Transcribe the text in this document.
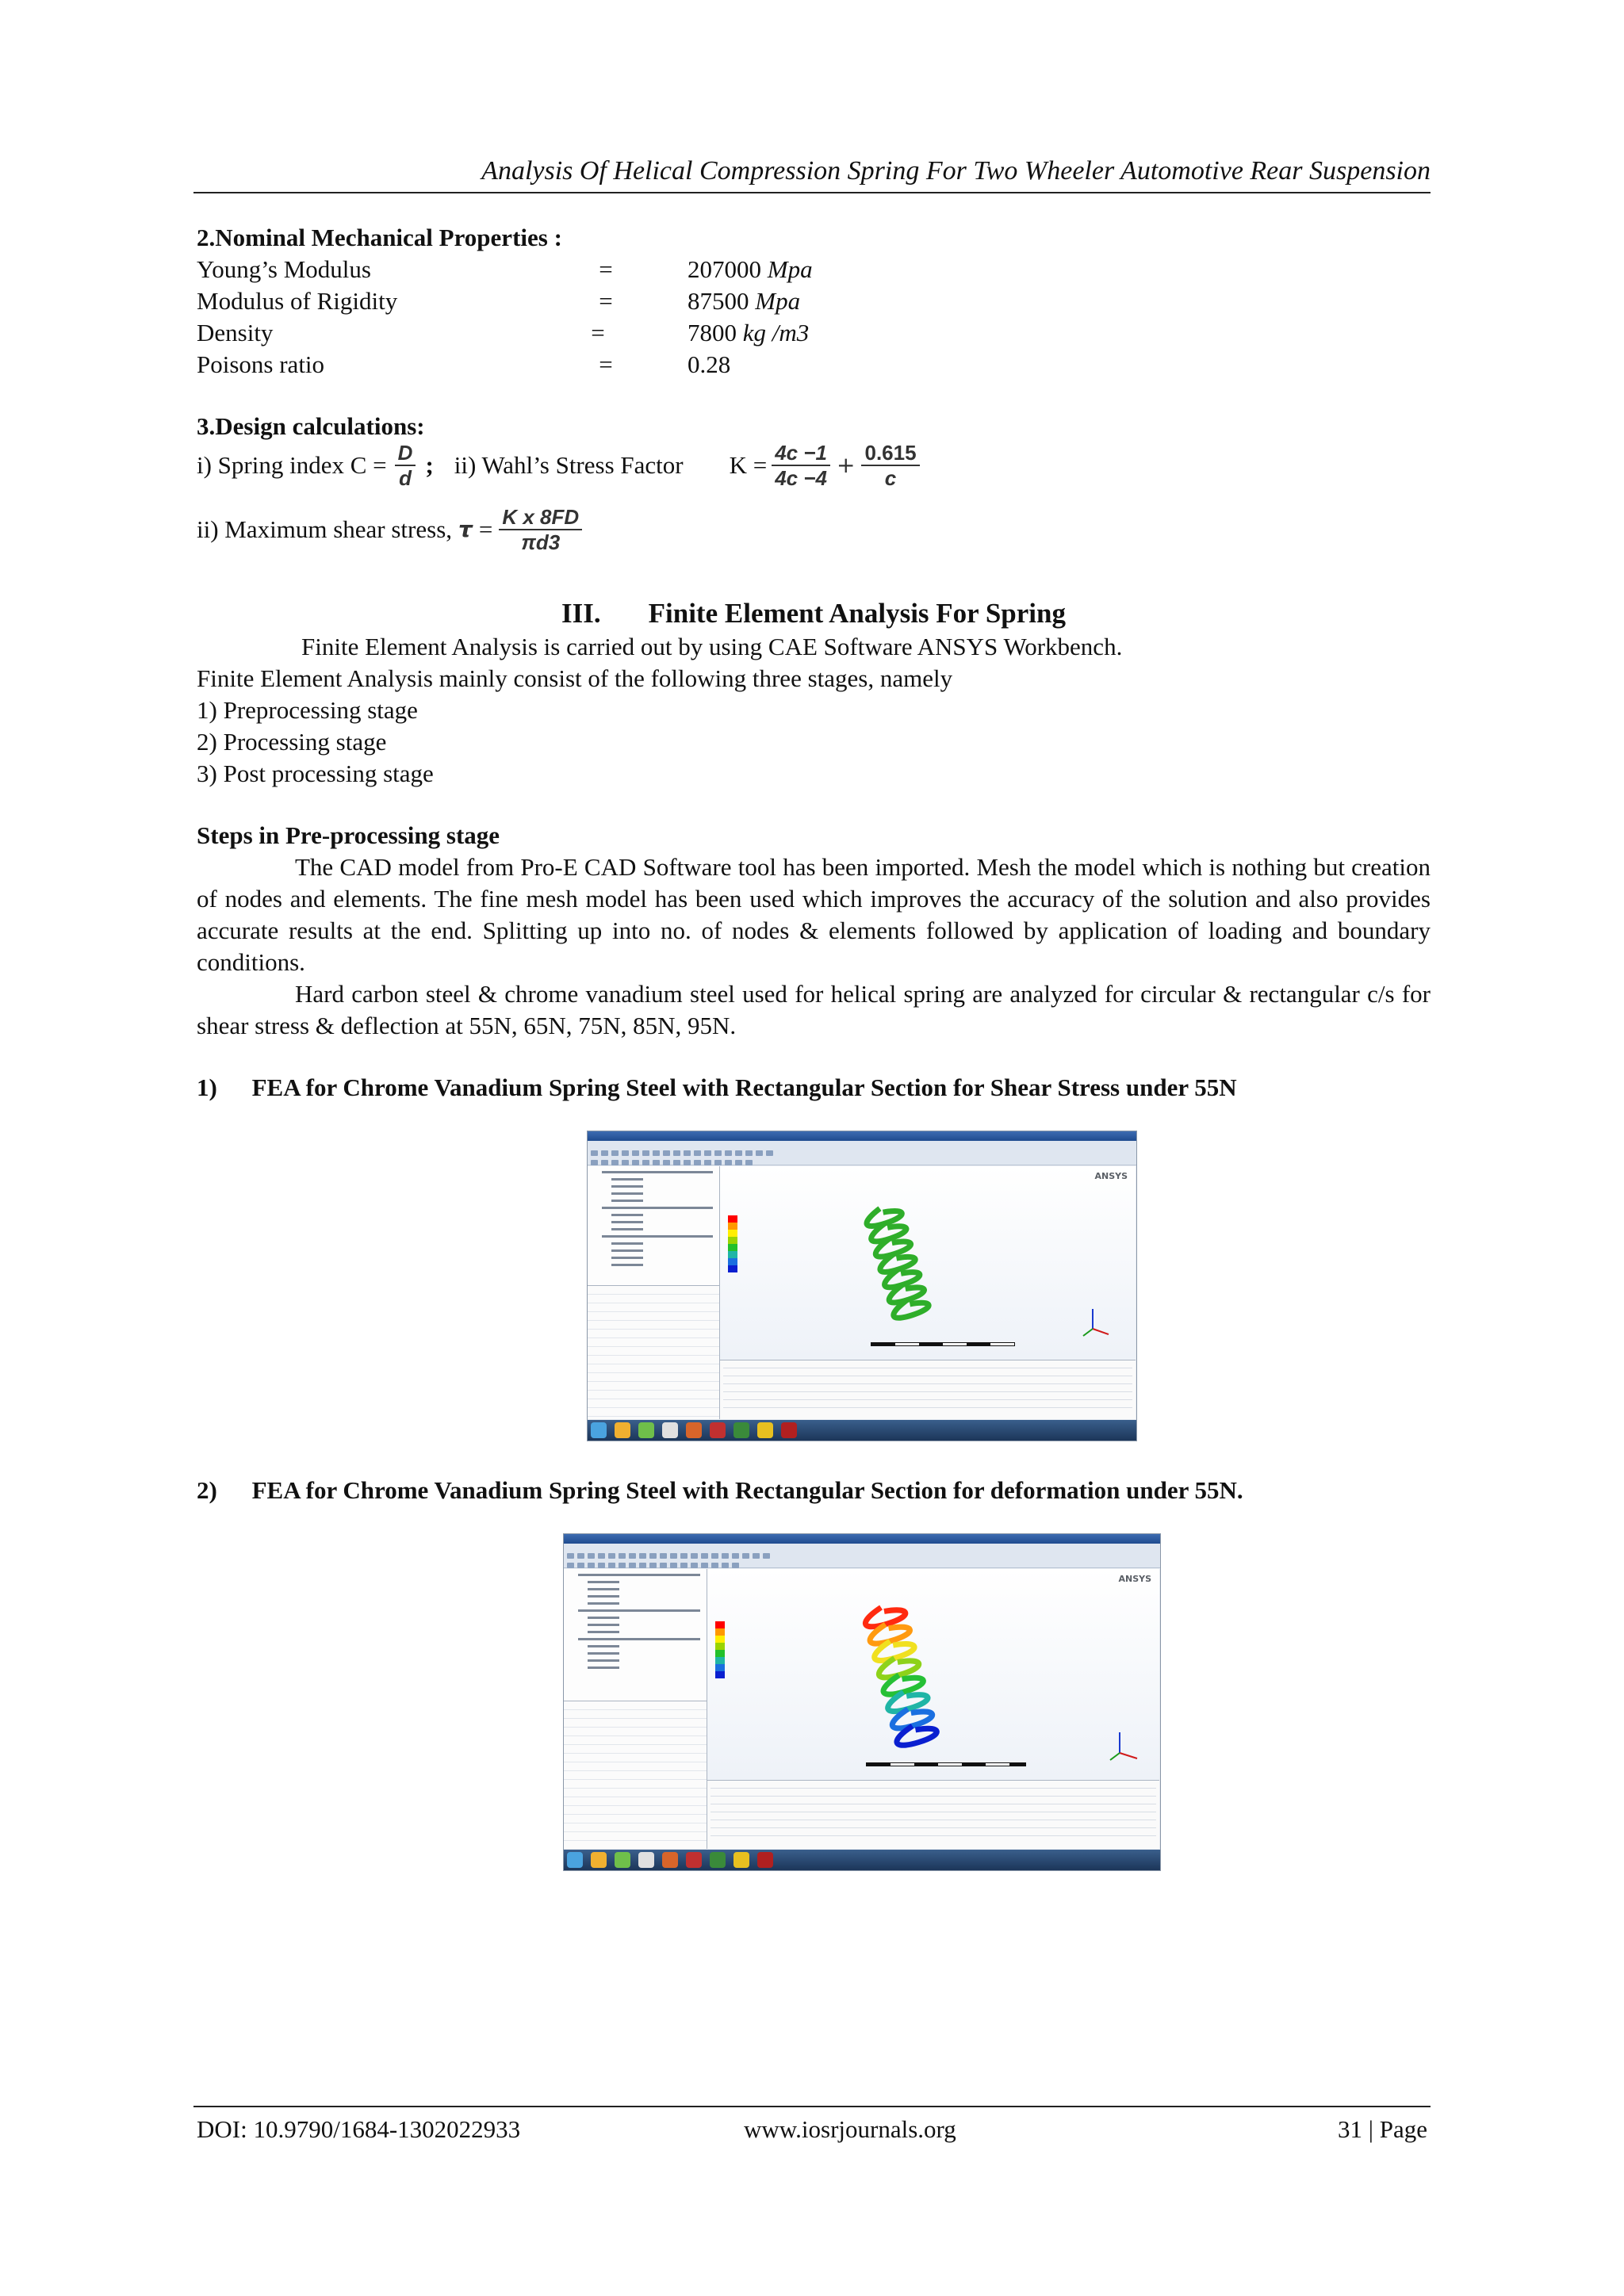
Analysis Of Helical Compression Spring For Two Wheeler Automotive Rear Suspension
2.Nominal Mechanical Properties :
Young’s Modulus	=	207000 Mpa
Modulus of Rigidity	=	87500 Mpa
Density	=	7800 kg /m3
Poisons ratio	=	0.28
3.Design calculations:
i) Spring index $C = \frac{D}{d}$ ; ii) Wahl’s Stress Factor $K = \frac{4c -1}{4c -4} + \frac{0.615}{c}$
ii) Maximum shear stress, $\tau = \frac{\text{K x 8FD}}{\pi d3}$
III. Finite Element Analysis For Spring
Finite Element Analysis is carried out by using CAE Software ANSYS Workbench.
Finite Element Analysis mainly consist of the following three stages, namely
1) Preprocessing stage
2) Processing stage
3) Post processing stage
Steps in Pre-processing stage
The CAD model from Pro-E CAD Software tool has been imported. Mesh the model which is nothing but creation of nodes and elements. The fine mesh model has been used which improves the accuracy of the solution and also provides accurate results at the end. Splitting up into no. of nodes & elements followed by application of loading and boundary conditions.
Hard carbon steel & chrome vanadium steel used for helical spring are analyzed for circular & rectangular c/s for shear stress & deflection at 55N, 65N, 75N, 85N, 95N.
1) FEA for Chrome Vanadium Spring Steel with Rectangular Section for Shear Stress under 55N
ANSYS
2) FEA for Chrome Vanadium Spring Steel with Rectangular Section for deformation under 55N.
ANSYS
DOI: 10.9790/1684-1302022933	www.iosrjournals.org	31 | Page
